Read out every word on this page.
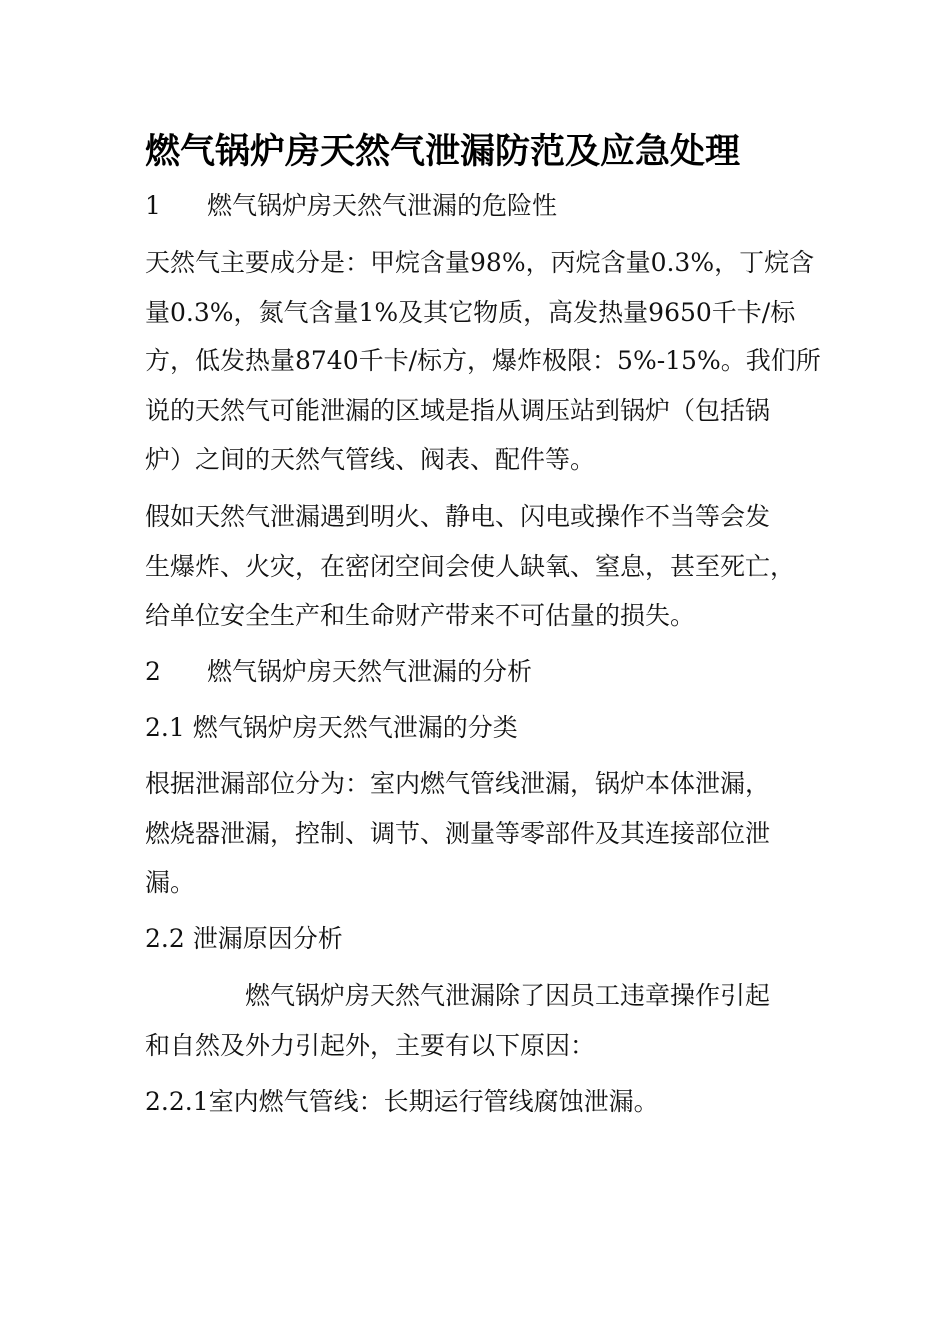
燃气锅炉房天然气泄漏防范及应急处理
1 燃气锅炉房天然气泄漏的危险性
天然气主要成分是：甲烷含量98%，丙烷含量0.3%，丁烷含
量0.3%，氮气含量1%及其它物质，高发热量9650千卡/标
方，低发热量8740千卡/标方，爆炸极限：5%-15%。我们所
说的天然气可能泄漏的区域是指从调压站到锅炉（包括锅
炉）之间的天然气管线、阀表、配件等。
假如天然气泄漏遇到明火、静电、闪电或操作不当等会发
生爆炸、火灾，在密闭空间会使人缺氧、窒息，甚至死亡，
给单位安全生产和生命财产带来不可估量的损失。
2 燃气锅炉房天然气泄漏的分析
2.1 燃气锅炉房天然气泄漏的分类
根据泄漏部位分为：室内燃气管线泄漏，锅炉本体泄漏，
燃烧器泄漏，控制、调节、测量等零部件及其连接部位泄
漏。
2.2 泄漏原因分析
燃气锅炉房天然气泄漏除了因员工违章操作引起
和自然及外力引起外，主要有以下原因：
2.2.1室内燃气管线：长期运行管线腐蚀泄漏。
